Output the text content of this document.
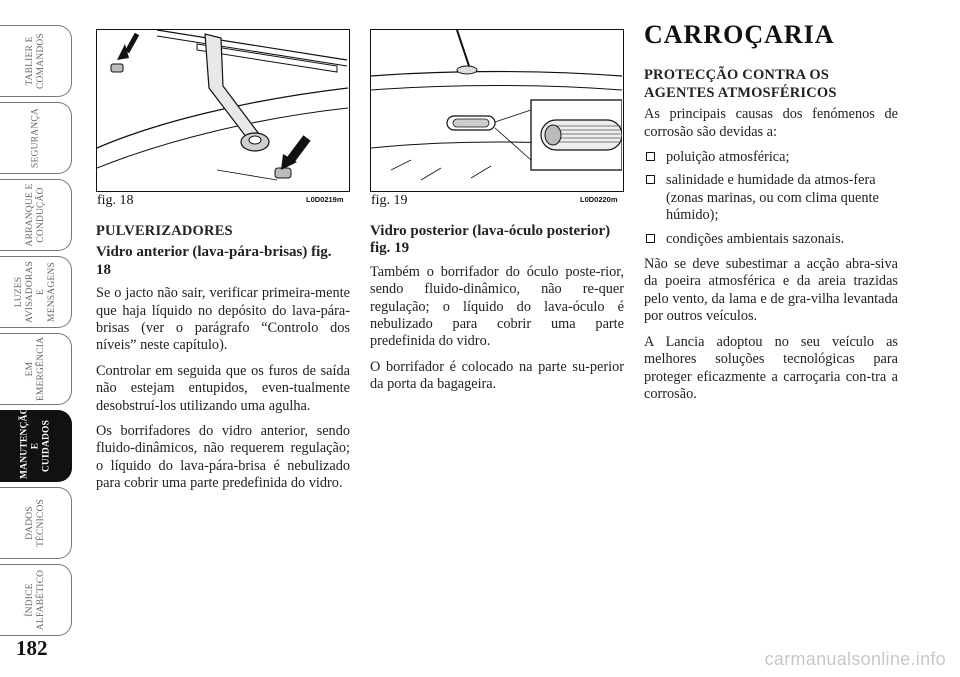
TABLIER E
COMANDOS
SEGURANÇA
ARRANQUE E
CONDUÇÃO
LUZES
AVISADORAS
E MENSAGENS
EM
EMERGÊNCIA
MANUTENÇÃO E
CUIDADOS
DADOS
TÉCNICOS
ÍNDICE
ALFABÉTICO
182
fig. 18	L0D0219m fig. 19	L0D0220m
PULVERIZADORES
Vidro anterior (lava-pára-brisas) fig. 18

Se o jacto não sair, verificar primeira-mente que haja líquido no depósito do lava-pára-brisas (ver o parágrafo “Controlo dos níveis” neste capítulo).

Controlar em seguida que os furos de saída não estejam entupidos, even-tualmente desobstruí-los utilizando uma agulha.

Os borrifadores do vidro anterior, sendo fluido-dinâmicos, não requerem regulação; o líquido do lava-pára-brisa é nebulizado para cobrir uma parte predefinida do vidro.

Vidro posterior (lava-óculo posterior) fig. 19

Também o borrifador do óculo poste-rior, sendo fluido-dinâmico, não re-quer regulação; o líquido do lava-óculo é nebulizado para cobrir uma parte predefinida do vidro.

O borrifador é colocado na parte su-perior da porta da bagageira.

CARROÇARIA
PROTECÇÃO CONTRA OS AGENTES ATMOSFÉRICOS

As principais causas dos fenómenos de corrosão são devidas a:

poluição atmosférica;
salinidade e humidade da atmos-fera (zonas marinas, ou com clima quente húmido);
condições ambientais sazonais.

Não se deve subestimar a acção abra-siva da poeira atmosférica e da areia trazidas pelo vento, da lama e de gra-vilha levantada por outros veículos.

A Lancia adoptou no seu veículo as melhores soluções tecnológicas para proteger eficazmente a carroçaria con-tra a corrosão.

carmanualsonline.info
